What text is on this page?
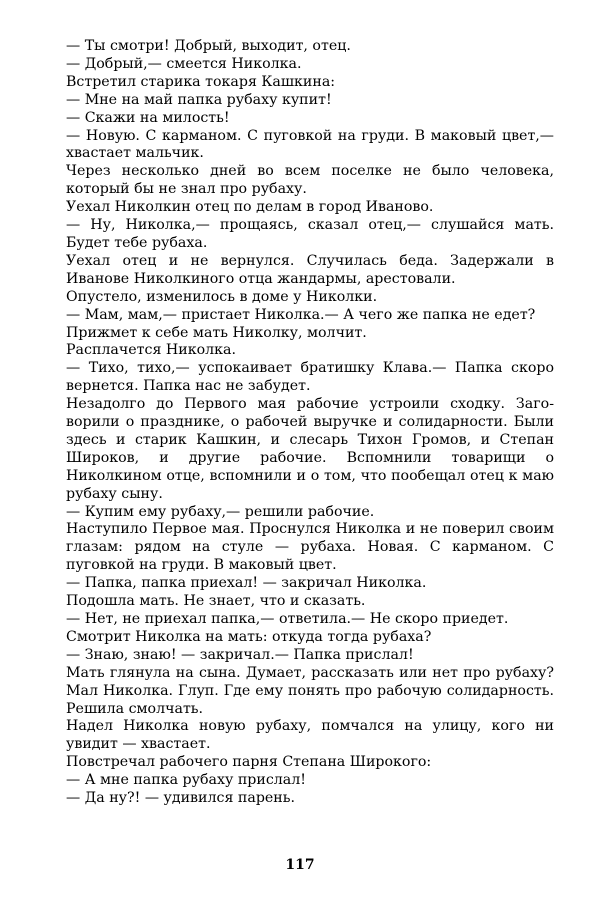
— Ты смотри! Добрый, выходит, отец.

— Добрый,— смеется Николка.

Встретил старика токаря Кашкина:

— Мне на май папка рубаху купит!

— Скажи на милость!

— Новую. С карманом. С пуговкой на груди. В маковый цвет,— хвастает мальчик.

Через несколько дней во всем поселке не было человека, который бы не знал про рубаху.

Уехал Николкин отец по делам в город Иваново.

— Ну, Николка,— прощаясь, сказал отец,— слушайся мать. Будет тебе рубаха.

Уехал отец и не вернулся. Случилась беда. Задержали в Иванове Николкиного отца жандармы, арестовали.

Опустело, изменилось в доме у Николки.

— Мам, мам,— пристает Николка.— А чего же папка не едет?

Прижмет к себе мать Николку, молчит.

Расплачется Николка.

— Тихо, тихо,— успокаивает братишку Клава.— Папка скоро вернется. Папка нас не забудет.

Незадолго до Первого мая рабочие устроили сходку. Заговорили о празднике, о рабочей выручке и солидарности. Были здесь и старик Кашкин, и слесарь Тихон Громов, и Степан Широков, и другие рабочие. Вспомнили товарищи о Николкином отце, вспомнили и о том, что пообещал отец к маю рубаху сыну.

— Купим ему рубаху,— решили рабочие.

Наступило Первое мая. Проснулся Николка и не поверил своим глазам: рядом на стуле — рубаха. Новая. С карманом. С пуговкой на груди. В маковый цвет.

— Папка, папка приехал! — закричал Николка.

Подошла мать. Не знает, что и сказать.

— Нет, не приехал папка,— ответила.— Не скоро приедет.

Смотрит Николка на мать: откуда тогда рубаха?

— Знаю, знаю! — закричал.— Папка прислал!

Мать глянула на сына. Думает, рассказать или нет про рубаху? Мал Николка. Глуп. Где ему понять про рабочую солидарность. Решила смолчать.

Надел Николка новую рубаху, помчался на улицу, кого ни увидит — хвастает.

Повстречал рабочего парня Степана Широкого:

— А мне папка рубаху прислал!

— Да ну?! — удивился парень.

117
